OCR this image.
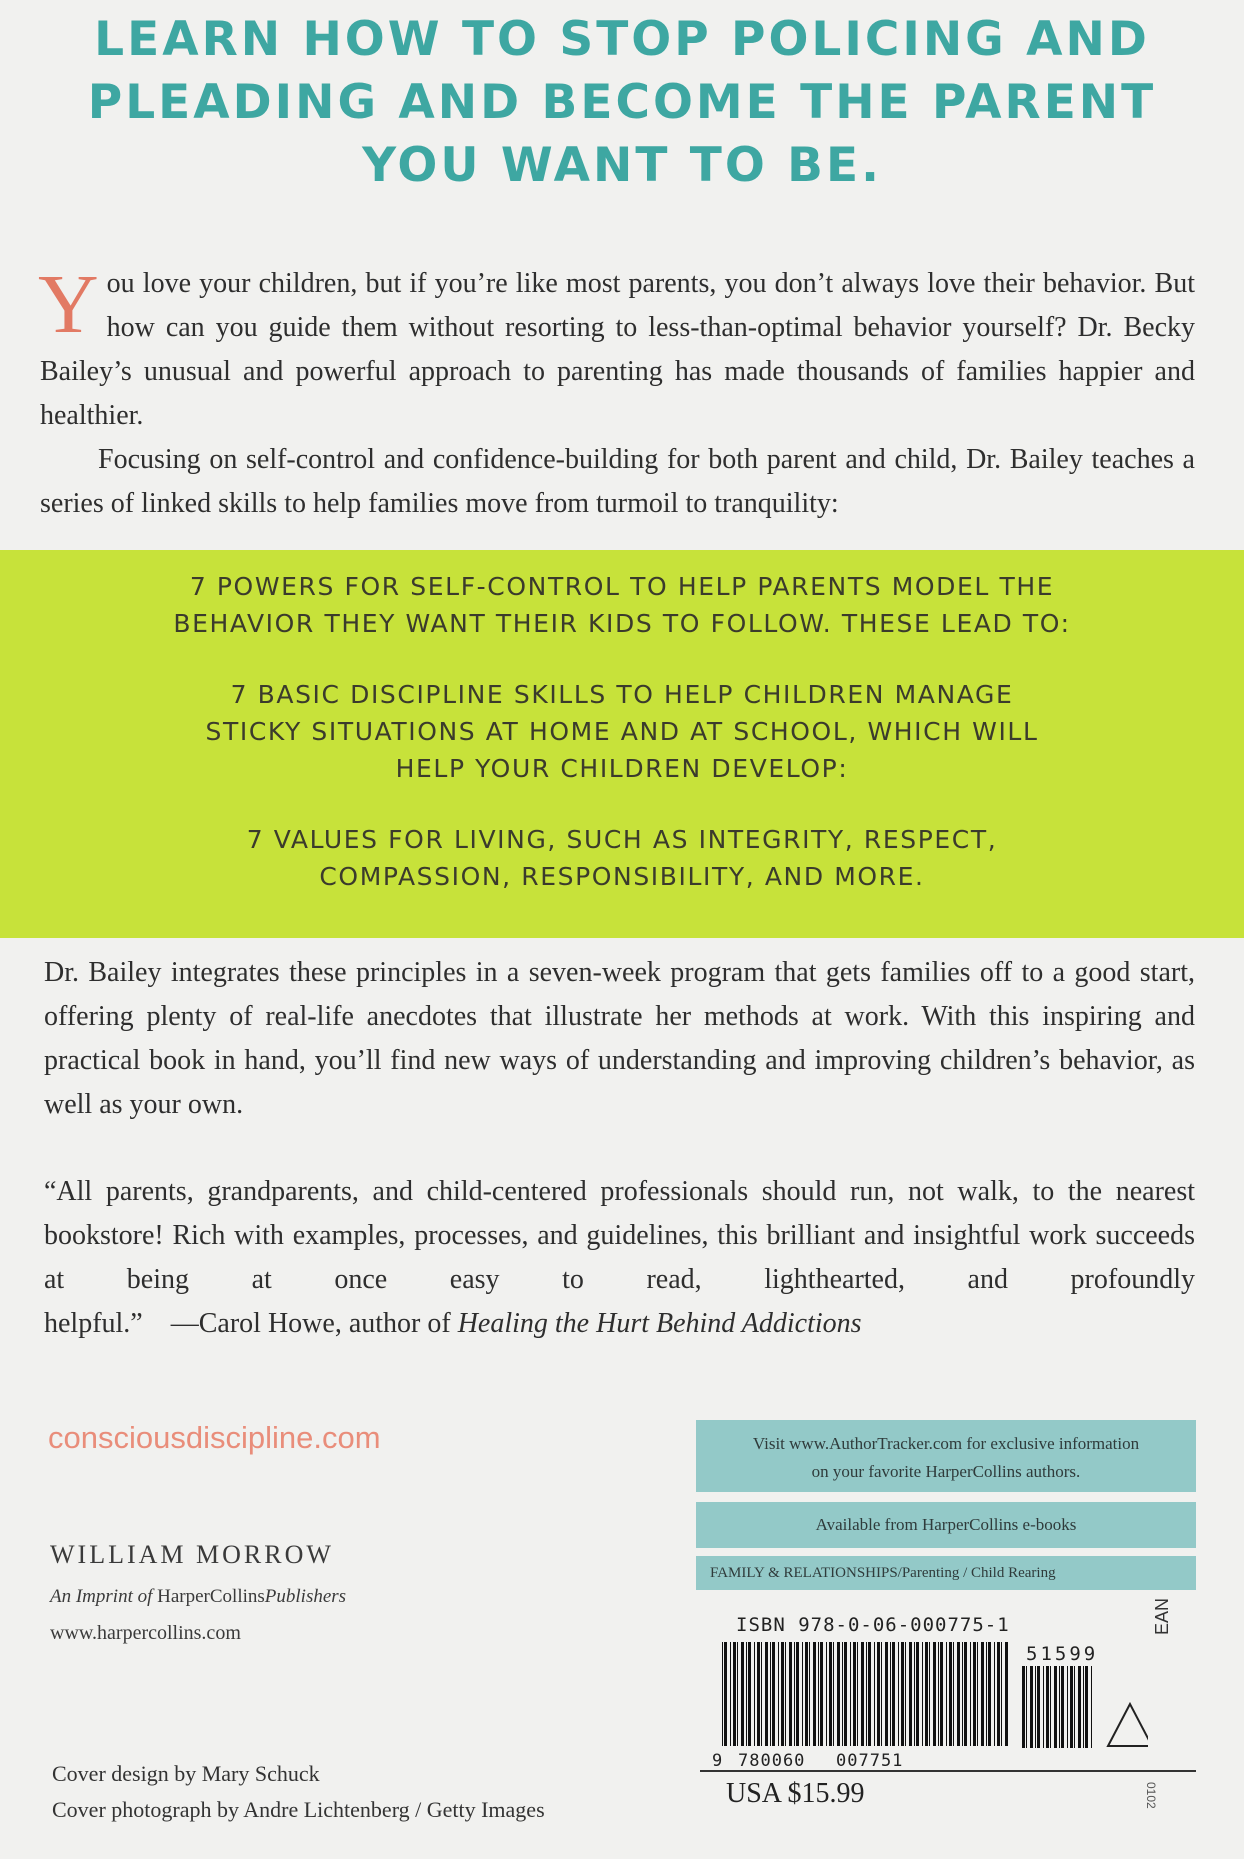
LEARN HOW TO STOP POLICING AND
PLEADING AND BECOME THE PARENT
YOU WANT TO BE.

You love your children, but if you’re like most parents, you don’t always love their behavior. But how can you guide them without resorting to less-than-optimal behavior yourself? Dr. Becky Bailey’s unusual and powerful approach to parenting has made thousands of families happier and healthier.

Focusing on self-control and confidence-building for both parent and child, Dr. Bailey teaches a series of linked skills to help families move from turmoil to tranquility:

7 POWERS FOR SELF-CONTROL TO HELP PARENTS MODEL THE
BEHAVIOR THEY WANT THEIR KIDS TO FOLLOW. THESE LEAD TO:

7 BASIC DISCIPLINE SKILLS TO HELP CHILDREN MANAGE
STICKY SITUATIONS AT HOME AND AT SCHOOL, WHICH WILL
HELP YOUR CHILDREN DEVELOP:

7 VALUES FOR LIVING, SUCH AS INTEGRITY, RESPECT,
COMPASSION, RESPONSIBILITY, AND MORE.

Dr. Bailey integrates these principles in a seven-week program that gets families off to a good start, offering plenty of real-life anecdotes that illustrate her methods at work. With this inspiring and practical book in hand, you’ll find new ways of understanding and improving children’s behavior, as well as your own.

“All parents, grandparents, and child-centered professionals should run, not walk, to the nearest bookstore! Rich with examples, processes, and guidelines, this brilliant and insightful work succeeds at being at once easy to read, lighthearted, and profoundly helpful.” —Carol Howe, author of Healing the Hurt Behind Addictions

consciousdiscipline.com	Visit www.AuthorTracker.com for exclusive information
on your favorite HarperCollins authors.
Available from HarperCollins e-books
FAMILY & RELATIONSHIPS/Parenting / Child Rearing
WILLIAM MORROW
An Imprint of HarperCollinsPublishers
www.harpercollins.com	ISBN 978-0-06-000775-1
9 780060 007751
51599
EAN
USA $15.99	0102
Cover design by Mary Schuck
Cover photograph by Andre Lichtenberg / Getty Images
